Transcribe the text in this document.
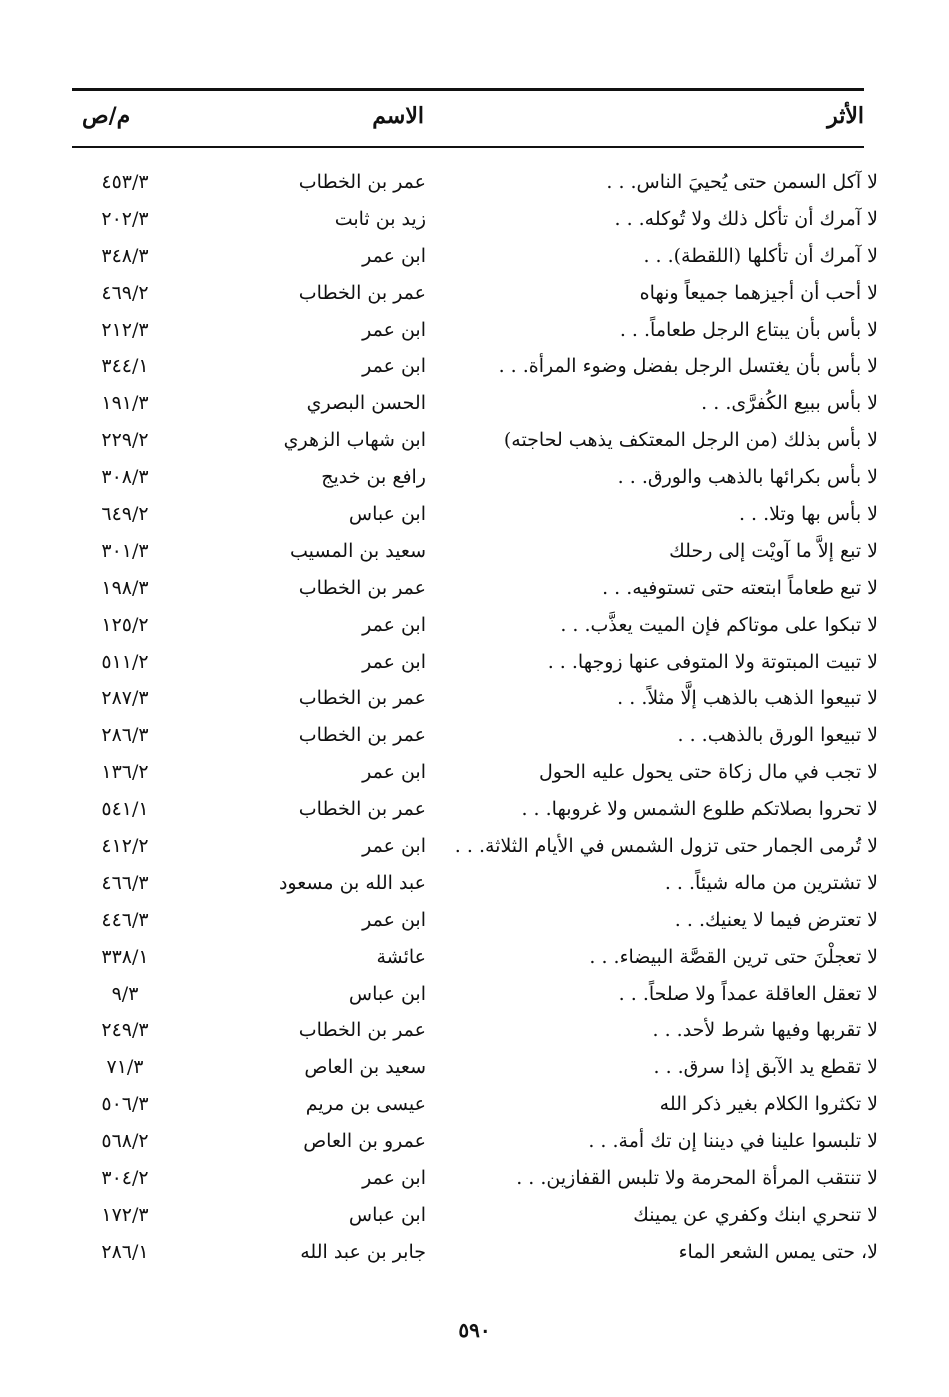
الأثر
الاسم
م/ص
لا آكل السمن حتى يُحييَ الناس. . .
عمر بن الخطاب
٤٥٣/٣
لا آمرك أن تأكل ذلك ولا تُوكله. . .
زيد بن ثابت
٢٠٢/٣
لا آمرك أن تأكلها (اللقطة). . .
ابن عمر
٣٤٨/٣
لا أحب أن أجيزهما جميعاً ونهاه
عمر بن الخطاب
٤٦٩/٢
لا بأس بأن يبتاع الرجل طعاماً. . .
ابن عمر
٢١٢/٣
لا بأس بأن يغتسل الرجل بفضل وضوء المرأة. . .
ابن عمر
٣٤٤/١
لا بأس ببيع الكُفرَّى. . .
الحسن البصري
١٩١/٣
لا بأس بذلك (من الرجل المعتكف يذهب لحاجته)
ابن شهاب الزهري
٢٢٩/٢
لا بأس بكرائها بالذهب والورق. . .
رافع بن خديج
٣٠٨/٣
لا بأس بها وتلا. . .
ابن عباس
٦٤٩/٢
لا تبع إلاَّ ما آويْت إلى رحلك
سعيد بن المسيب
٣٠١/٣
لا تبع طعاماً ابتعته حتى تستوفيه. . .
عمر بن الخطاب
١٩٨/٣
لا تبكوا على موتاكم فإن الميت يعذَّب. . .
ابن عمر
١٢٥/٢
لا تبيت المبتوتة ولا المتوفى عنها زوجها. . .
ابن عمر
٥١١/٢
لا تبيعوا الذهب بالذهب إلَّا مثلاً. . .
عمر بن الخطاب
٢٨٧/٣
لا تبيعوا الورق بالذهب. . .
عمر بن الخطاب
٢٨٦/٣
لا تجب في مال زكاة حتى يحول عليه الحول
ابن عمر
١٣٦/٢
لا تحروا بصلاتكم طلوع الشمس ولا غروبها. . .
عمر بن الخطاب
٥٤١/١
لا تُرمى الجمار حتى تزول الشمس في الأيام الثلاثة. . .
ابن عمر
٤١٢/٢
لا تشترين من ماله شيئاً. . .
عبد الله بن مسعود
٤٦٦/٣
لا تعترض فيما لا يعنيك. . .
ابن عمر
٤٤٦/٣
لا تعجلْنَ حتى ترين القصَّة البيضاء. . .
عائشة
٣٣٨/١
لا تعقل العاقلة عمداً ولا صلحاً. . .
ابن عباس
٩/٣
لا تقربها وفيها شرط لأحد. . .
عمر بن الخطاب
٢٤٩/٣
لا تقطع يد الآبق إذا سرق. . .
سعيد بن العاص
٧١/٣
لا تكثروا الكلام بغير ذكر الله
عيسى بن مريم
٥٠٦/٣
لا تلبسوا علينا في ديننا إن تك أمة. . .
عمرو بن العاص
٥٦٨/٢
لا تنتقب المرأة المحرمة ولا تلبس القفازين. . .
ابن عمر
٣٠٤/٢
لا تنحري ابنك وكفري عن يمينك
ابن عباس
١٧٢/٣
لا، حتى يمس الشعر الماء
جابر بن عبد الله
٢٨٦/١
٥٩٠
